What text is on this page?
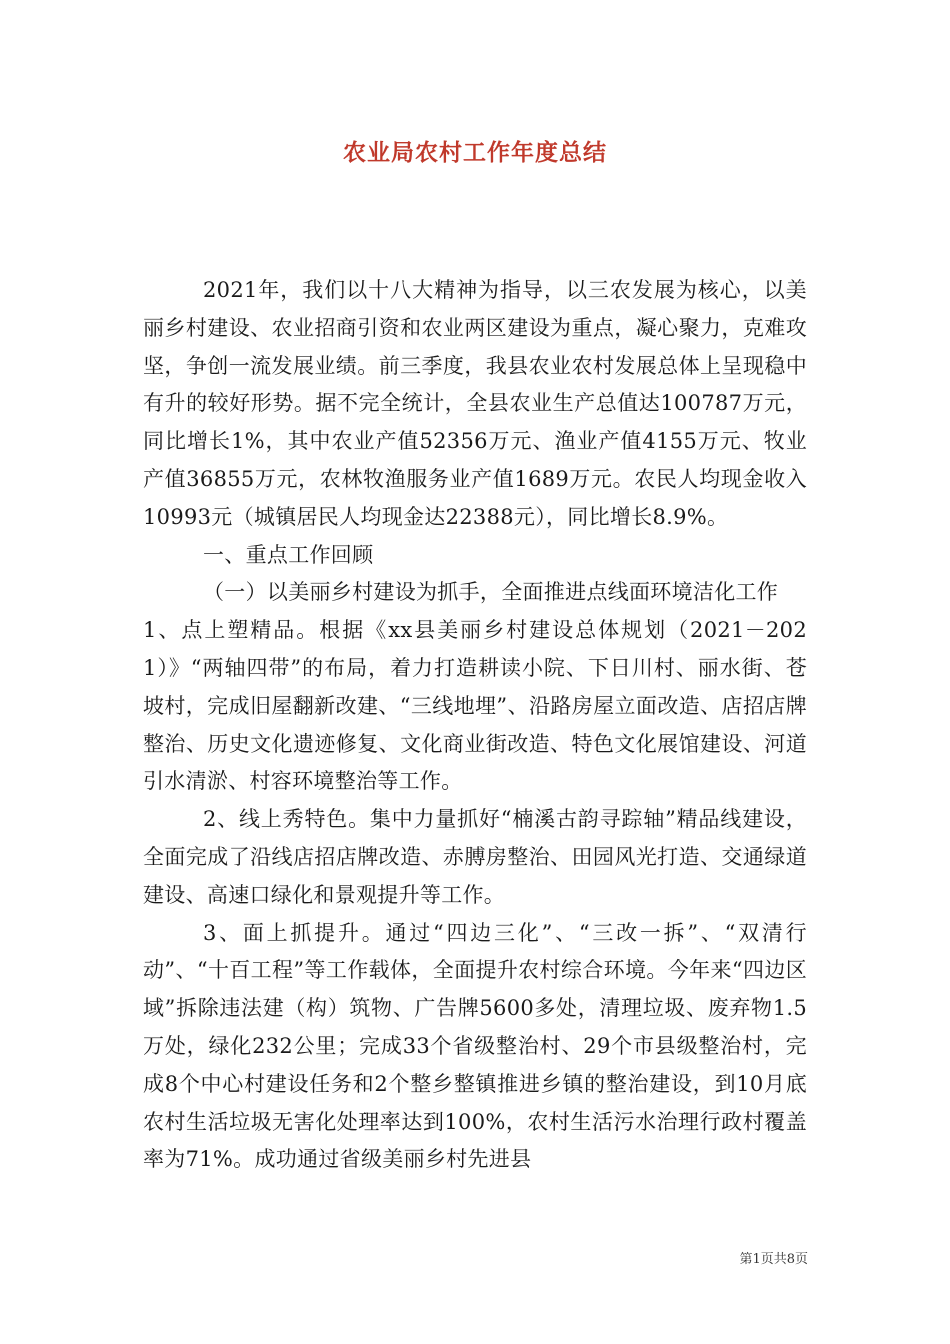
农业局农村工作年度总结

2021年，我们以十八大精神为指导，以三农发展为核心，以美丽乡村建设、农业招商引资和农业两区建设为重点，凝心聚力，克难攻坚，争创一流发展业绩。前三季度，我县农业农村发展总体上呈现稳中有升的较好形势。据不完全统计，全县农业生产总值达100787万元，同比增长1%，其中农业产值52356万元、渔业产值4155万元、牧业产值36855万元，农林牧渔服务业产值1689万元。农民人均现金收入10993元（城镇居民人均现金达22388元），同比增长8.9%。

一、重点工作回顾

（一）以美丽乡村建设为抓手，全面推进点线面环境洁化工作

1、点上塑精品。根据《xx县美丽乡村建设总体规划（2021－2021）》“两轴四带”的布局，着力打造耕读小院、下日川村、丽水街、苍坡村，完成旧屋翻新改建、“三线地埋”、沿路房屋立面改造、店招店牌整治、历史文化遗迹修复、文化商业街改造、特色文化展馆建设、河道引水清淤、村容环境整治等工作。

2、线上秀特色。集中力量抓好“楠溪古韵寻踪轴”精品线建设，全面完成了沿线店招店牌改造、赤膊房整治、田园风光打造、交通绿道建设、高速口绿化和景观提升等工作。

3、面上抓提升。通过“四边三化”、“三改一拆”、“双清行动”、“十百工程”等工作载体，全面提升农村综合环境。今年来“四边区域”拆除违法建（构）筑物、广告牌5600多处，清理垃圾、废弃物1.5万处，绿化232公里；完成33个省级整治村、29个市县级整治村，完成8个中心村建设任务和2个整乡整镇推进乡镇的整治建设，到10月底农村生活垃圾无害化处理率达到100%，农村生活污水治理行政村覆盖率为71%。成功通过省级美丽乡村先进县

第1页共8页
